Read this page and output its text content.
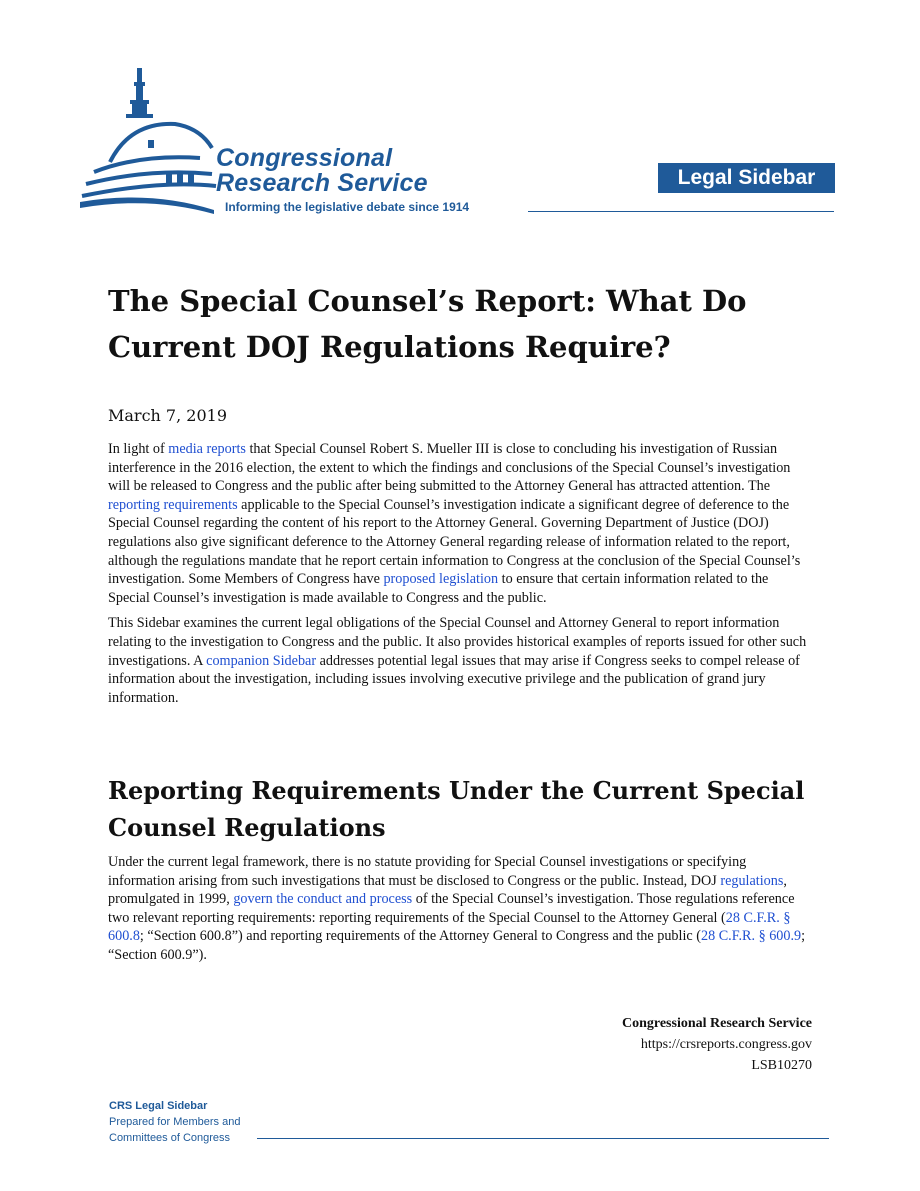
Congressional
Research Service
Informing the legislative debate since 1914
Legal Sidebar
The Special Counsel’s Report: What Do Current DOJ Regulations Require?
March 7, 2019

In light of media reports that Special Counsel Robert S. Mueller III is close to concluding his investigation of Russian interference in the 2016 election, the extent to which the findings and conclusions of the Special Counsel’s investigation will be released to Congress and the public after being submitted to the Attorney General has attracted attention. The reporting requirements applicable to the Special Counsel’s investigation indicate a significant degree of deference to the Special Counsel regarding the content of his report to the Attorney General. Governing Department of Justice (DOJ) regulations also give significant deference to the Attorney General regarding release of information related to the report, although the regulations mandate that he report certain information to Congress at the conclusion of the Special Counsel’s investigation. Some Members of Congress have proposed legislation to ensure that certain information related to the Special Counsel’s investigation is made available to Congress and the public.

This Sidebar examines the current legal obligations of the Special Counsel and Attorney General to report information relating to the investigation to Congress and the public. It also provides historical examples of reports issued for other such investigations. A companion Sidebar addresses potential legal issues that may arise if Congress seeks to compel release of information about the investigation, including issues involving executive privilege and the publication of grand jury information.

Reporting Requirements Under the Current Special Counsel Regulations

Under the current legal framework, there is no statute providing for Special Counsel investigations or specifying information arising from such investigations that must be disclosed to Congress or the public. Instead, DOJ regulations, promulgated in 1999, govern the conduct and process of the Special Counsel’s investigation. Those regulations reference two relevant reporting requirements: reporting requirements of the Special Counsel to the Attorney General (28 C.F.R. § 600.8; “Section 600.8”) and reporting requirements of the Attorney General to Congress and the public (28 C.F.R. § 600.9; “Section 600.9”).

Congressional Research Service
https://crsreports.congress.gov
LSB10270
CRS Legal Sidebar
Prepared for Members and
Committees of Congress
